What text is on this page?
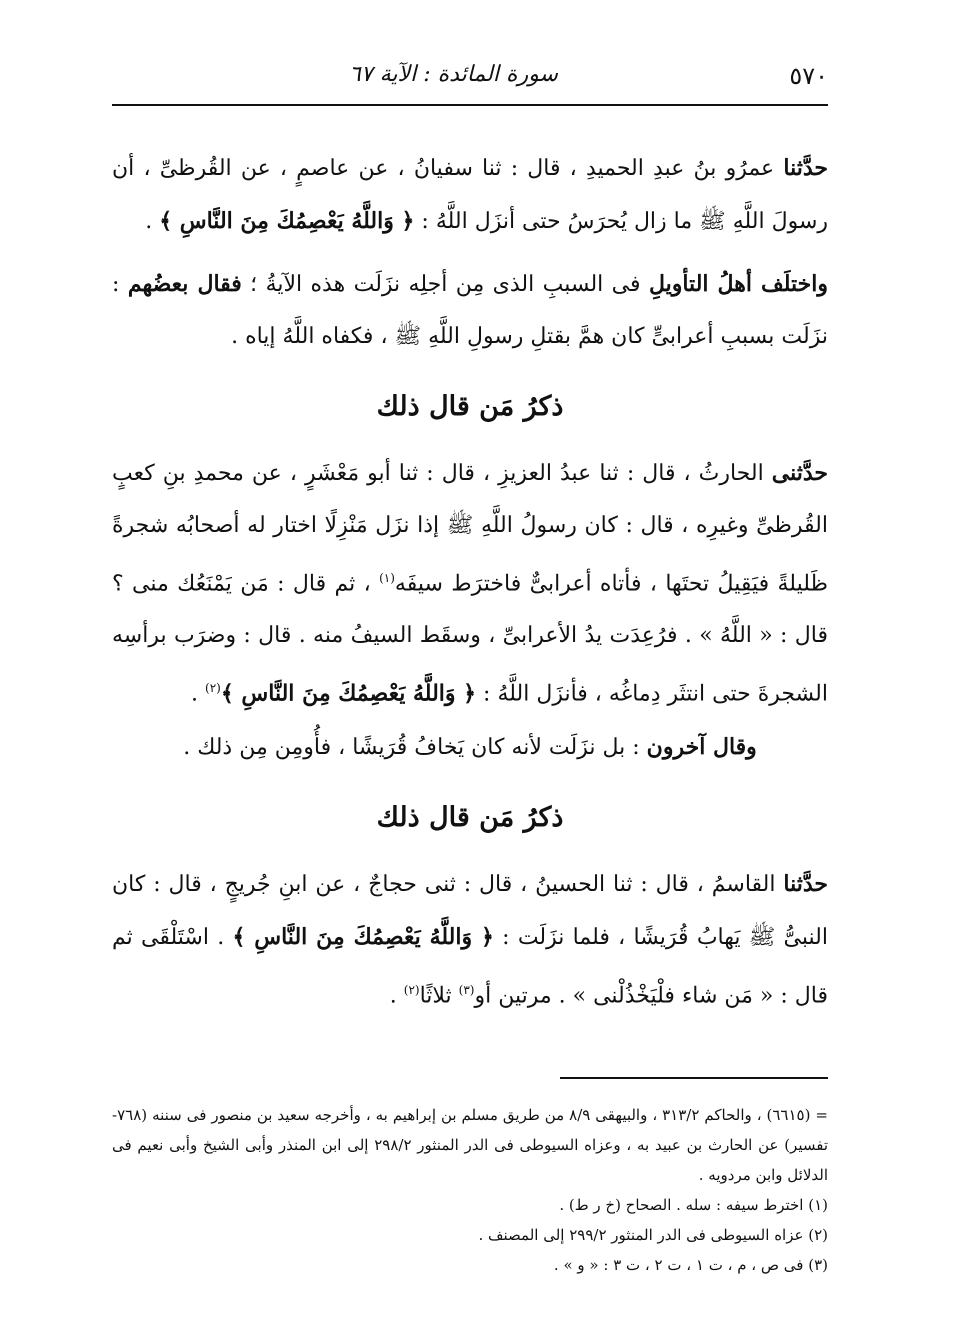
٥٧٠
سورة المائدة : الآية ٦٧

حدَّثنا عمرُو بنُ عبدِ الحميدِ ، قال : ثنا سفيانُ ، عن عاصمٍ ، عن القُرظىِّ ، أن رسولَ اللَّهِ ﷺ ما زال يُحرَسُ حتى أنزَل اللَّهُ : ﴿ وَاللَّهُ يَعْصِمُكَ مِنَ النَّاسِ ﴾ .

واختلَف أهلُ التأويلِ فى السببِ الذى مِن أجلِه نزَلَت هذه الآيةُ ؛ فقال بعضُهم : نزَلَت بسببِ أعرابىٍّ كان همَّ بقتلِ رسولِ اللَّهِ ﷺ ، فكفاه اللَّهُ إياه .

ذكرُ مَن قال ذلك

حدَّثنى الحارثُ ، قال : ثنا عبدُ العزيزِ ، قال : ثنا أبو مَعْشَرٍ ، عن محمدِ بنِ كعبٍ القُرظىِّ وغيرِه ، قال : كان رسولُ اللَّهِ ﷺ إذا نزَل مَنْزِلًا اختار له أصحابُه شجرةً ظَليلةً فيَقِيلُ تحتَها ، فأتاه أعرابىٌّ فاخترَط سيفَه$^{(١)}$ ، ثم قال : مَن يَمْنَعُك منى ؟ قال : « اللَّهُ » . فرُعِدَت يدُ الأعرابىِّ ، وسقَط السيفُ منه . قال : وضرَب برأسِه الشجرةَ حتى انتثَر دِماغُه ، فأنزَل اللَّهُ : ﴿ وَاللَّهُ يَعْصِمُكَ مِنَ النَّاسِ ﴾$^{(٢)}$ .

وقال آخرون : بل نزَلَت لأنه كان يَخافُ قُرَيشًا ، فأُومِن مِن ذلك .

ذكرُ مَن قال ذلك

حدَّثنا القاسمُ ، قال : ثنا الحسينُ ، قال : ثنى حجاجٌ ، عن ابنِ جُريجٍ ، قال : كان النبىُّ ﷺ يَهابُ قُرَيشًا ، فلما نزَلَت : ﴿ وَاللَّهُ يَعْصِمُكَ مِنَ النَّاسِ ﴾ . اسْتَلْقَى ثم قال : « مَن شاء فلْيَخْذُلْنى » . مرتين أو$^{(٣)}$ ثلاثًا$^{(٢)}$ .

= (٦٦١٥) ، والحاكم ٣١٣/٢ ، والبيهقى ٨/٩ من طريق مسلم بن إبراهيم به ، وأخرجه سعيد بن منصور فى سننه (٧٦٨- تفسير) عن الحارث بن عبيد به ، وعزاه السيوطى فى الدر المنثور ٢٩٨/٢ إلى ابن المنذر وأبى الشيخ وأبى نعيم فى الدلائل وابن مردويه .

(١) اخترط سيفه : سله . الصحاح (خ ر ط) .

(٢) عزاه السيوطى فى الدر المنثور ٢٩٩/٢ إلى المصنف .

(٣) فى ص ، م ، ت ١ ، ت ٢ ، ت ٣ : « و » .
